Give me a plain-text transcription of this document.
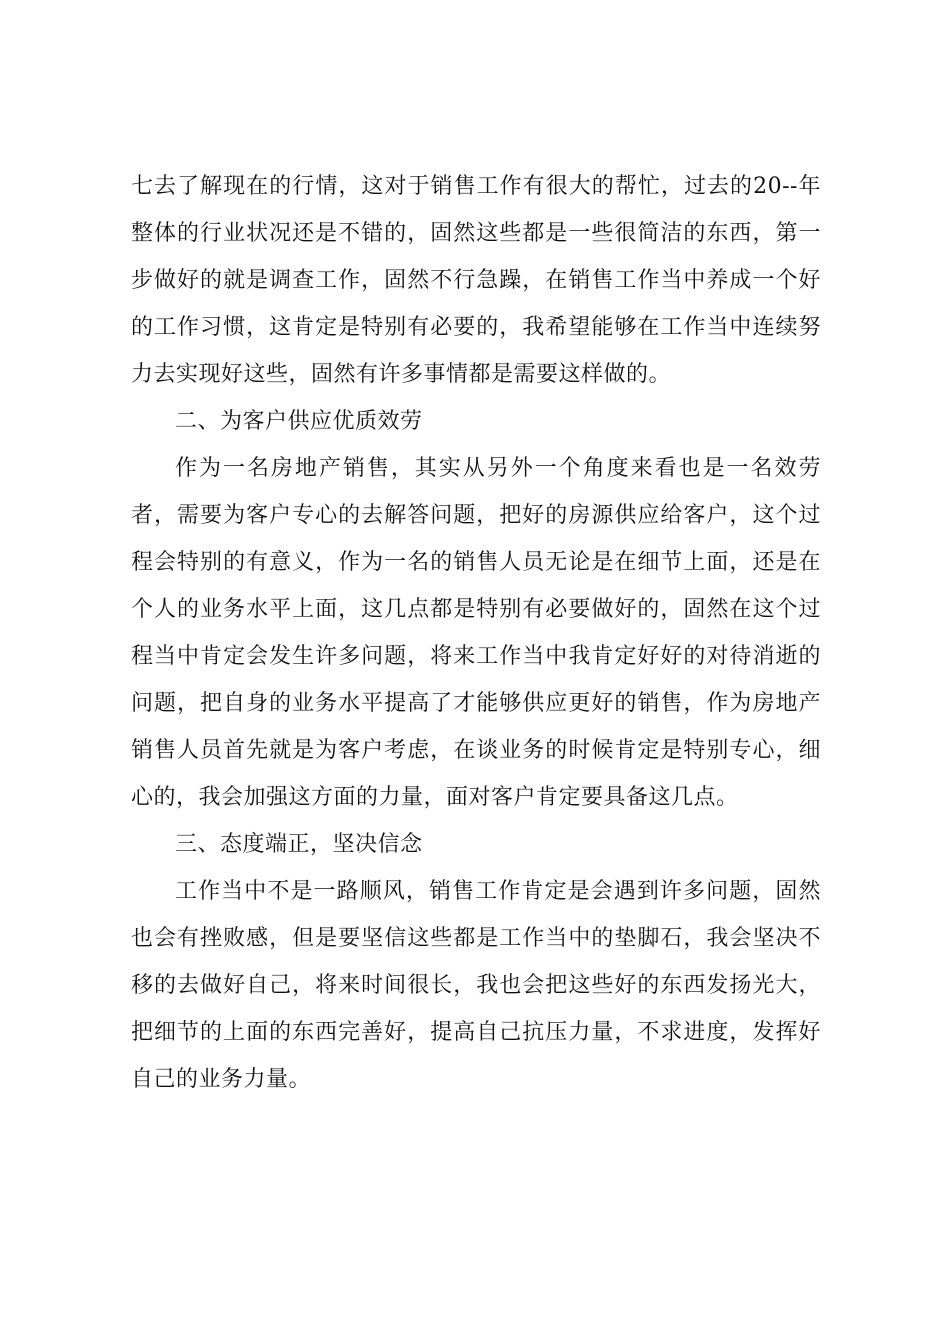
七去了解现在的行情，这对于销售工作有很大的帮忙，过去的20--年整体的行业状况还是不错的，固然这些都是一些很简洁的东西，第一步做好的就是调查工作，固然不行急躁，在销售工作当中养成一个好的工作习惯，这肯定是特别有必要的，我希望能够在工作当中连续努力去实现好这些，固然有许多事情都是需要这样做的。

二、为客户供应优质效劳

作为一名房地产销售，其实从另外一个角度来看也是一名效劳者，需要为客户专心的去解答问题，把好的房源供应给客户，这个过程会特别的有意义，作为一名的销售人员无论是在细节上面，还是在个人的业务水平上面，这几点都是特别有必要做好的，固然在这个过程当中肯定会发生许多问题，将来工作当中我肯定好好的对待消逝的问题，把自身的业务水平提高了才能够供应更好的销售，作为房地产销售人员首先就是为客户考虑，在谈业务的时候肯定是特别专心，细心的，我会加强这方面的力量，面对客户肯定要具备这几点。

三、态度端正，坚决信念

工作当中不是一路顺风，销售工作肯定是会遇到许多问题，固然也会有挫败感，但是要坚信这些都是工作当中的垫脚石，我会坚决不移的去做好自己，将来时间很长，我也会把这些好的东西发扬光大，把细节的上面的东西完善好，提高自己抗压力量，不求进度，发挥好自己的业务力量。
